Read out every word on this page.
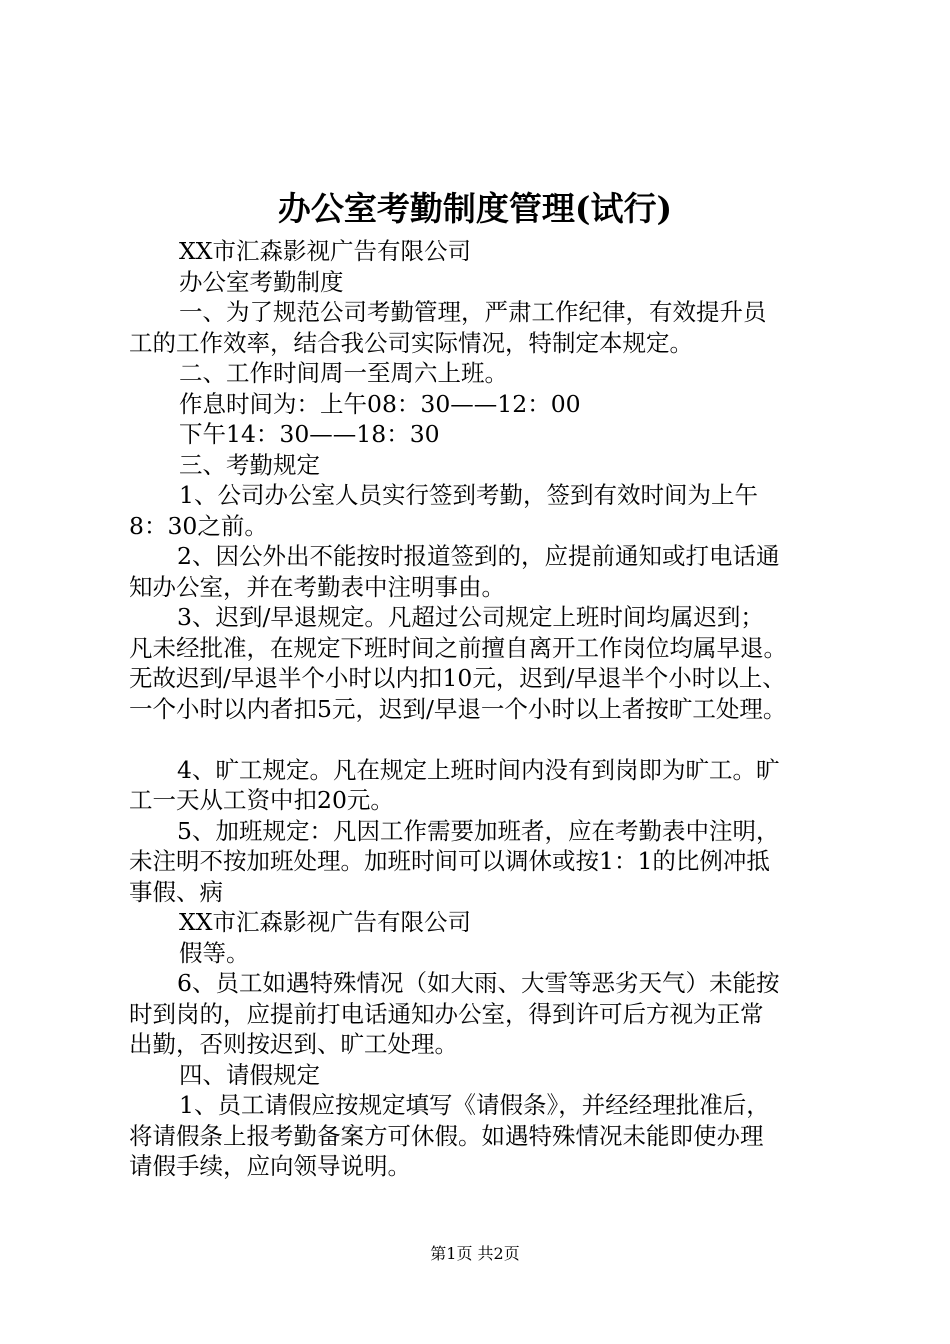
办公室考勤制度管理(试行)
XX市汇森影视广告有限公司
办公室考勤制度
一、为了规范公司考勤管理，严肃工作纪律，有效提升员
工的工作效率，结合我公司实际情况，特制定本规定。
二、工作时间周一至周六上班。
作息时间为：上午08：30——12：00
下午14：30——18：30
三、考勤规定
1、公司办公室人员实行签到考勤，签到有效时间为上午
8：30之前。
2、因公外出不能按时报道签到的，应提前通知或打电话通
知办公室，并在考勤表中注明事由。
3、迟到/早退规定。凡超过公司规定上班时间均属迟到；
凡未经批准，在规定下班时间之前擅自离开工作岗位均属早退。
无故迟到/早退半个小时以内扣10元，迟到/早退半个小时以上、
一个小时以内者扣5元，迟到/早退一个小时以上者按旷工处理。
4、旷工规定。凡在规定上班时间内没有到岗即为旷工。旷
工一天从工资中扣20元。
5、加班规定：凡因工作需要加班者，应在考勤表中注明，
未注明不按加班处理。加班时间可以调休或按1：1的比例冲抵
事假、病
XX市汇森影视广告有限公司
假等。
6、员工如遇特殊情况（如大雨、大雪等恶劣天气）未能按
时到岗的，应提前打电话通知办公室，得到许可后方视为正常
出勤，否则按迟到、旷工处理。
四、请假规定
1、员工请假应按规定填写《请假条》，并经经理批准后，
将请假条上报考勤备案方可休假。如遇特殊情况未能即使办理
请假手续，应向领导说明。
第1页 共2页
